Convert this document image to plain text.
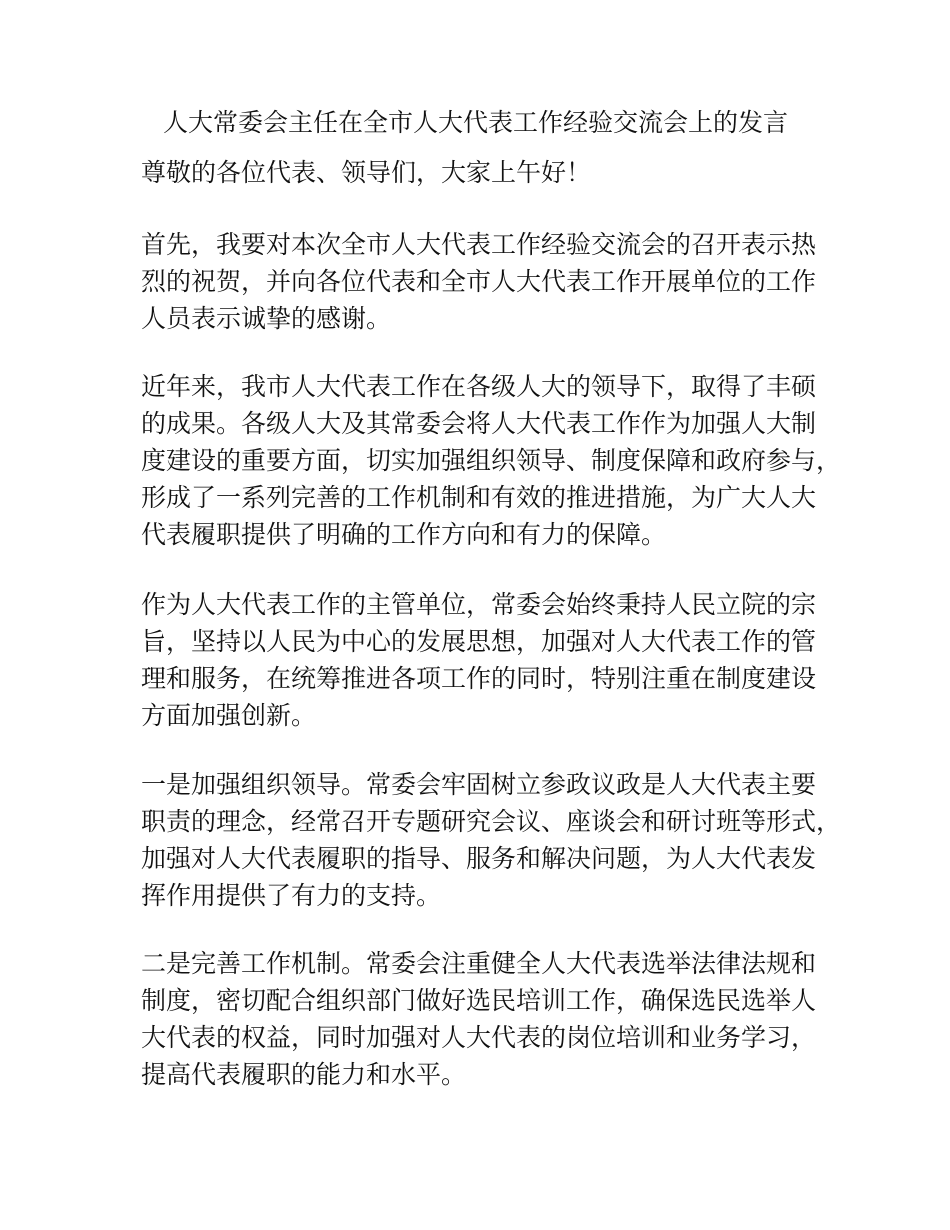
人大常委会主任在全市人大代表工作经验交流会上的发言
尊敬的各位代表、领导们，大家上午好！
首先，我要对本次全市人大代表工作经验交流会的召开表示热
烈的祝贺，并向各位代表和全市人大代表工作开展单位的工作
人员表示诚挚的感谢。
近年来，我市人大代表工作在各级人大的领导下，取得了丰硕
的成果。各级人大及其常委会将人大代表工作作为加强人大制
度建设的重要方面，切实加强组织领导、制度保障和政府参与，
形成了一系列完善的工作机制和有效的推进措施，为广大人大
代表履职提供了明确的工作方向和有力的保障。
作为人大代表工作的主管单位，常委会始终秉持人民立院的宗
旨，坚持以人民为中心的发展思想，加强对人大代表工作的管
理和服务，在统筹推进各项工作的同时，特别注重在制度建设
方面加强创新。
一是加强组织领导。常委会牢固树立参政议政是人大代表主要
职责的理念，经常召开专题研究会议、座谈会和研讨班等形式，
加强对人大代表履职的指导、服务和解决问题，为人大代表发
挥作用提供了有力的支持。
二是完善工作机制。常委会注重健全人大代表选举法律法规和
制度，密切配合组织部门做好选民培训工作，确保选民选举人
大代表的权益，同时加强对人大代表的岗位培训和业务学习，
提高代表履职的能力和水平。
